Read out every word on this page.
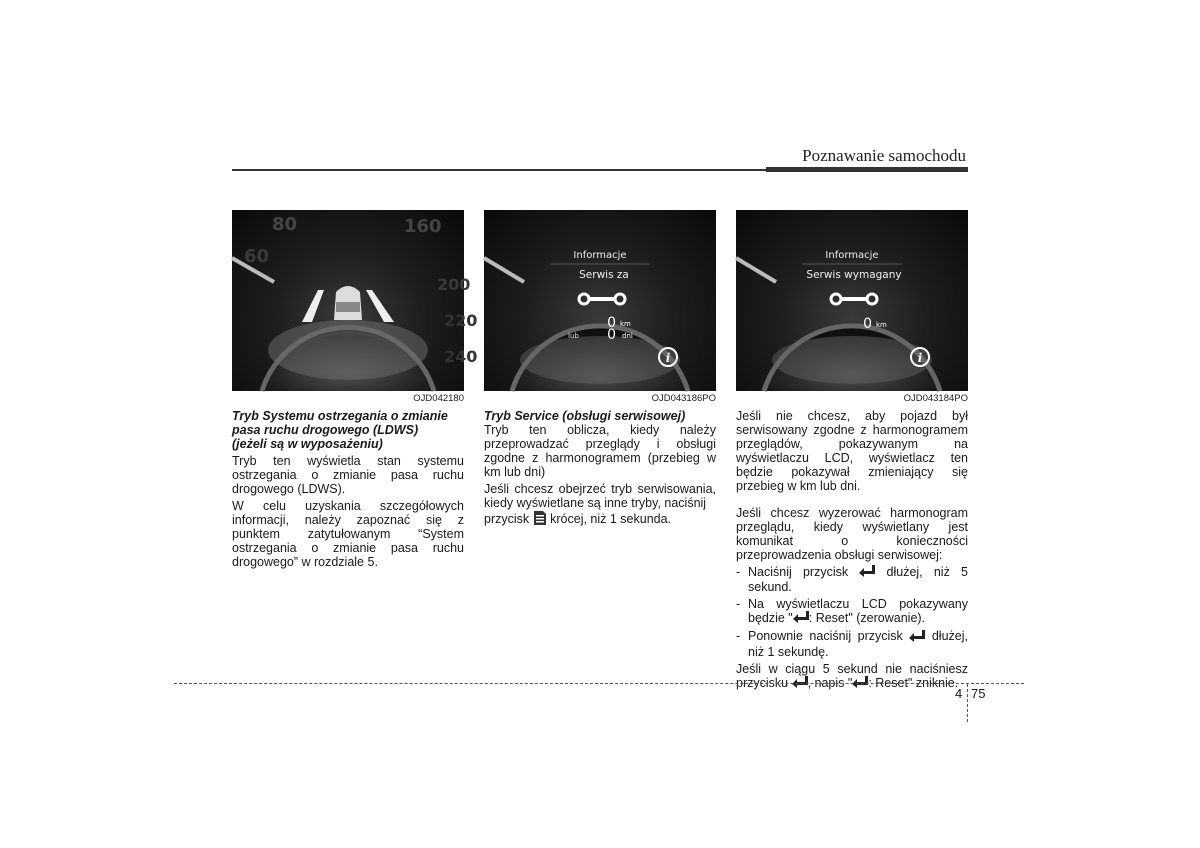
Poznawanie samochodu
80
60
160
200
220
240
OJD042180
Tryb Systemu ostrzegania o zmianie
pasa ruchu drogowego (LDWS)
(jeżeli są w wyposażeniu)

Tryb ten wyświetla stan systemu ostrzegania o zmianie pasa ruchu drogowego (LDWS).

W celu uzyskania szczegółowych informacji, należy zapoznać się z punktem zatytułowanym “System ostrzegania o zmianie pasa ruchu drogowego” w rozdziale 5.

Informacje
Serwis za
0 km
lub 0 dni
i
OJD043186PO
Tryb Service (obsługi serwisowej)

Tryb ten oblicza, kiedy należy przeprowadzać przeglądy i obsługi zgodne z harmonogramem (przebieg w km lub dni)

Jeśli chcesz obejrzeć tryb serwisowania, kiedy wyświetlane są inne tryby, naciśnij

przycisk krócej, niż 1 sekunda.

Informacje
Serwis wymagany
0 km
i
OJD043184PO

Jeśli nie chcesz, aby pojazd był serwisowany zgodne z harmonogramem przeglądów, pokazywanym na wyświetlaczu LCD, wyświetlacz ten będzie pokazywał zmieniający się przebieg w km lub dni.

Jeśli chcesz wyzerować harmonogram przeglądu, kiedy wyświetlany jest komunikat o konieczności przeprowadzenia obsługi serwisowej:

- Naciśnij przycisk	dłużej, niż 5 sekund.
- Na wyświetlaczu LCD pokazywany będzie " : Reset" (zerowanie).
- Ponownie naciśnij przycisk dłużej, niż 1 sekundę.

Jeśli w ciągu 5 sekund nie naciśniesz przycisku , napis " : Reset" zniknie.

4 75
